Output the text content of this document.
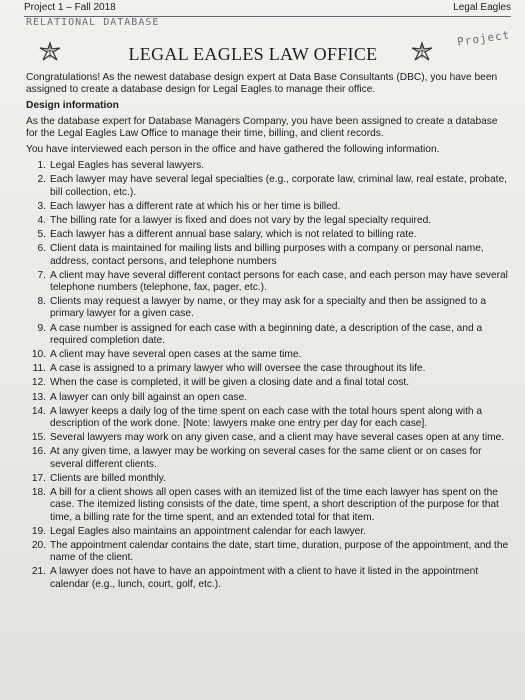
Project 1 – Fall 2018	Legal Eagles
RELATIONAL DATABASE
Project
LEGAL EAGLES LAW OFFICE

Congratulations! As the newest database design expert at Data Base Consultants (DBC), you have been assigned to create a database design for Legal Eagles to manage their office.

Design information

As the database expert for Database Managers Company, you have been assigned to create a database for the Legal Eagles Law Office to manage their time, billing, and client records.

You have interviewed each person in the office and have gathered the following information.

1. Legal Eagles has several lawyers.
2. Each lawyer may have several legal specialties (e.g., corporate law, criminal law, real estate, probate, bill collection, etc.).
3. Each lawyer has a different rate at which his or her time is billed.
4. The billing rate for a lawyer is fixed and does not vary by the legal specialty required.
5. Each lawyer has a different annual base salary, which is not related to billing rate.
6. Client data is maintained for mailing lists and billing purposes with a company or personal name, address, contact persons, and telephone numbers
7. A client may have several different contact persons for each case, and each person may have several telephone numbers (telephone, fax, pager, etc.).
8. Clients may request a lawyer by name, or they may ask for a specialty and then be assigned to a primary lawyer for a given case.
9. A case number is assigned for each case with a beginning date, a description of the case, and a required completion date.
10. A client may have several open cases at the same time.
11. A case is assigned to a primary lawyer who will oversee the case throughout its life.
12. When the case is completed, it will be given a closing date and a final total cost.
13. A lawyer can only bill against an open case.
14. A lawyer keeps a daily log of the time spent on each case with the total hours spent along with a description of the work done. [Note: lawyers make one entry per day for each case].
15. Several lawyers may work on any given case, and a client may have several cases open at any time.
16. At any given time, a lawyer may be working on several cases for the same client or on cases for several different clients.
17. Clients are billed monthly.
18. A bill for a client shows all open cases with an itemized list of the time each lawyer has spent on the case. The itemized listing consists of the date, time spent, a short description of the purpose for that time, a billing rate for the time spent, and an extended total for that item.
19. Legal Eagles also maintains an appointment calendar for each lawyer.
20. The appointment calendar contains the date, start time, duration, purpose of the appointment, and the name of the client.
21. A lawyer does not have to have an appointment with a client to have it listed in the appointment calendar (e.g., lunch, court, golf, etc.).
